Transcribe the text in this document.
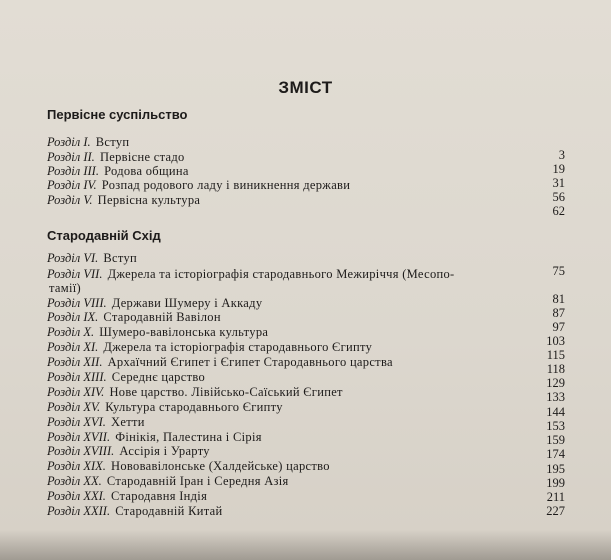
ЗМІСТ
Первісне суспільство
Розділ I. Вступ
Розділ II. Первісне стадо
Розділ III. Родова община
Розділ IV. Розпад родового ладу і виникнення держави
Розділ V. Первісна культура
3
19
31
56
62
Стародавній Схід
Розділ VI. Вступ
Розділ VII. Джерела та історіографія стародавнього Межиріччя (Месопо-
тамії)
Розділ VIII. Держави Шумеру і Аккаду
Розділ IX. Стародавній Вавілон
Розділ X. Шумеро-вавілонська культура
Розділ XI. Джерела та історіографія стародавнього Єгипту
Розділ XII. Архаїчний Єгипет і Єгипет Стародавнього царства
Розділ XIII. Середнє царство
Розділ XIV. Нове царство. Лівійсько-Саїський Єгипет
Розділ XV. Культура стародавнього Єгипту
Розділ XVI. Хетти
Розділ XVII. Фінікія, Палестина і Сірія
Розділ XVIII. Ассірія і Урарту
Розділ XIX. Нововавілонське (Халдейське) царство
Розділ XX. Стародавній Іран і Середня Азія
Розділ XXI. Стародавня Індія
Розділ XXII. Стародавній Китай
75
81
87
97
103
115
118
129
133
144
153
159
174
195
199
211
227
